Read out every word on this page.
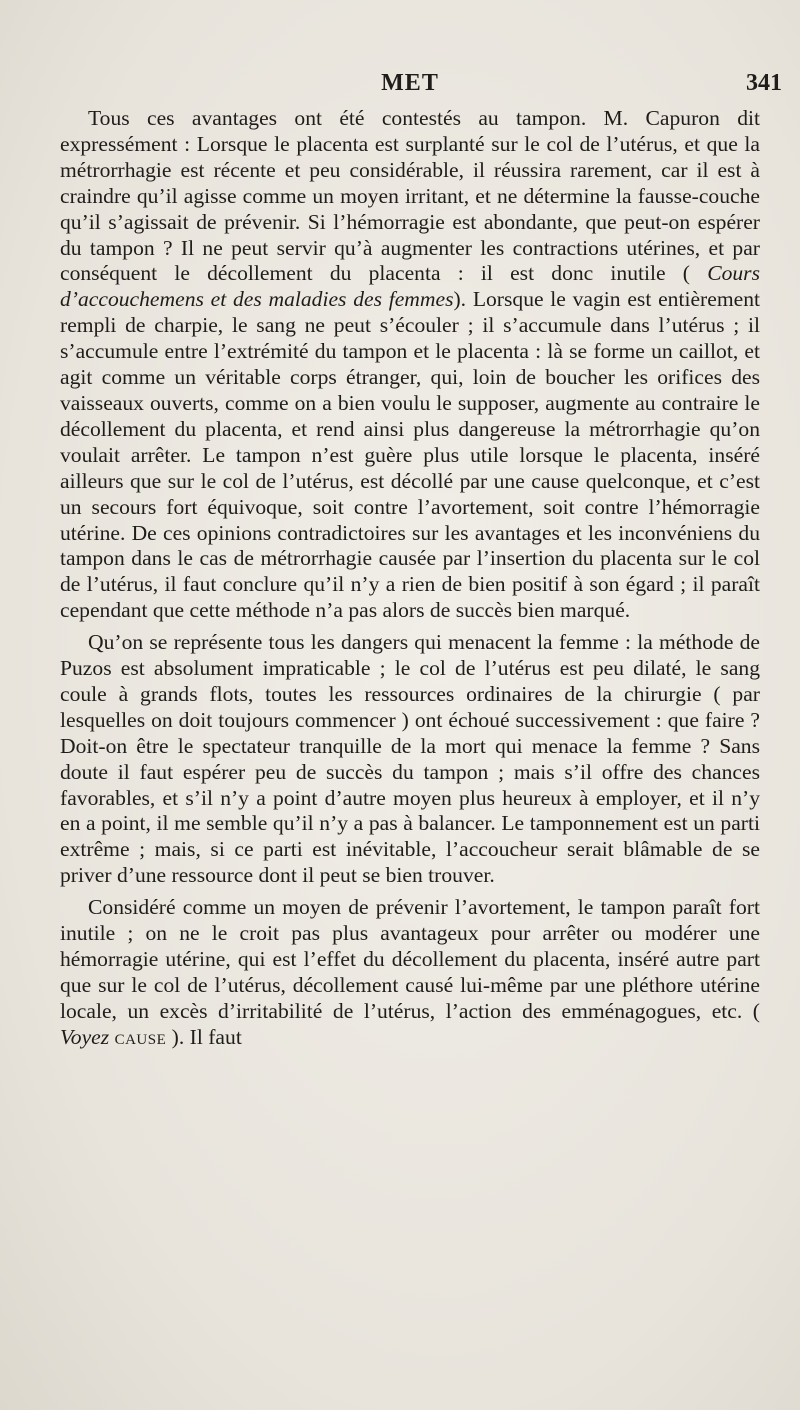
MET	341

Tous ces avantages ont été contestés au tampon. M. Capuron dit expressément : Lorsque le placenta est surplanté sur le col de l’utérus, et que la métrorrhagie est récente et peu considérable, il réussira rarement, car il est à craindre qu’il agisse comme un moyen irritant, et ne détermine la fausse-couche qu’il s’agissait de prévenir. Si l’hémorragie est abondante, que peut-on espérer du tampon ? Il ne peut servir qu’à augmenter les contractions utérines, et par conséquent le décollement du placenta : il est donc inutile ( Cours d’accouchemens et des maladies des femmes). Lorsque le vagin est entièrement rempli de charpie, le sang ne peut s’écouler ; il s’accumule dans l’utérus ; il s’accumule entre l’extrémité du tampon et le placenta : là se forme un caillot, et agit comme un véritable corps étranger, qui, loin de boucher les orifices des vaisseaux ouverts, comme on a bien voulu le supposer, augmente au contraire le décollement du placenta, et rend ainsi plus dangereuse la métrorrhagie qu’on voulait arrêter. Le tampon n’est guère plus utile lorsque le placenta, inséré ailleurs que sur le col de l’utérus, est décollé par une cause quelconque, et c’est un secours fort équivoque, soit contre l’avortement, soit contre l’hémorragie utérine. De ces opinions contradictoires sur les avantages et les inconvéniens du tampon dans le cas de métrorrhagie causée par l’insertion du placenta sur le col de l’utérus, il faut conclure qu’il n’y a rien de bien positif à son égard ; il paraît cependant que cette méthode n’a pas alors de succès bien marqué.

Qu’on se représente tous les dangers qui menacent la femme : la méthode de Puzos est absolument impraticable ; le col de l’utérus est peu dilaté, le sang coule à grands flots, toutes les ressources ordinaires de la chirurgie ( par lesquelles on doit toujours commencer ) ont échoué successivement : que faire ? Doit-on être le spectateur tranquille de la mort qui menace la femme ? Sans doute il faut espérer peu de succès du tampon ; mais s’il offre des chances favorables, et s’il n’y a point d’autre moyen plus heureux à employer, et il n’y en a point, il me semble qu’il n’y a pas à balancer. Le tamponnement est un parti extrême ; mais, si ce parti est inévitable, l’accoucheur serait blâmable de se priver d’une ressource dont il peut se bien trouver.

Considéré comme un moyen de prévenir l’avortement, le tampon paraît fort inutile ; on ne le croit pas plus avantageux pour arrêter ou modérer une hémorragie utérine, qui est l’effet du décollement du placenta, inséré autre part que sur le col de l’utérus, décollement causé lui-même par une pléthore utérine locale, un excès d’irritabilité de l’utérus, l’action des emménagogues, etc. ( Voyez cause ). Il faut
